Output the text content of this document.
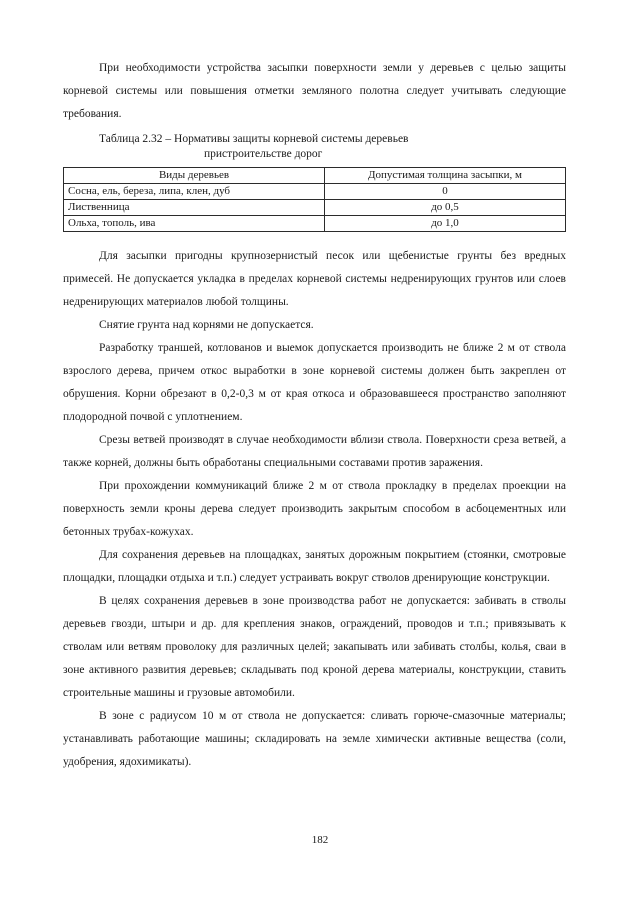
При необходимости устройства засыпки поверхности земли у деревьев с целью защиты корневой системы или повышения отметки земляного полотна следует учитывать следующие требования.

Таблица 2.32 – Нормативы защиты корневой системы деревьев
пристроительстве дорог
Виды деревьев	Допустимая толщина засыпки, м
Сосна, ель, береза, липа, клен, дуб	0
Лиственница	до 0,5
Ольха, тополь, ива	до 1,0

Для засыпки пригодны крупнозернистый песок или щебенистые грунты без вредных примесей. Не допускается укладка в пределах корневой системы недренирующих грунтов или слоев недренирующих материалов любой толщины.

Снятие грунта над корнями не допускается.

Разработку траншей, котлованов и выемок допускается производить не ближе 2 м от ствола взрослого дерева, причем откос выработки в зоне корневой системы должен быть закреплен от обрушения. Корни обрезают в 0,2-0,3 м от края откоса и образовавшееся пространство заполняют плодородной почвой с уплотнением.

Срезы ветвей производят в случае необходимости вблизи ствола. Поверхности среза ветвей, а также корней, должны быть обработаны специальными составами против заражения.

При прохождении коммуникаций ближе 2 м от ствола прокладку в пределах проекции на поверхность земли кроны дерева следует производить закрытым способом в асбоцементных или бетонных трубах-кожухах.

Для сохранения деревьев на площадках, занятых дорожным покрытием (стоянки, смотровые площадки, площадки отдыха и т.п.) следует устраивать вокруг стволов дренирующие конструкции.

В целях сохранения деревьев в зоне производства работ не допускается: забивать в стволы деревьев гвозди, штыри и др. для крепления знаков, ограждений, проводов и т.п.; привязывать к стволам или ветвям проволоку для различных целей; закапывать или забивать столбы, колья, сваи в зоне активного развития деревьев; складывать под кроной дерева материалы, конструкции, ставить строительные машины и грузовые автомобили.

В зоне с радиусом 10 м от ствола не допускается: сливать горюче-смазочные материалы; устанавливать работающие машины; складировать на земле химически активные вещества (соли, удобрения, ядохимикаты).

182
